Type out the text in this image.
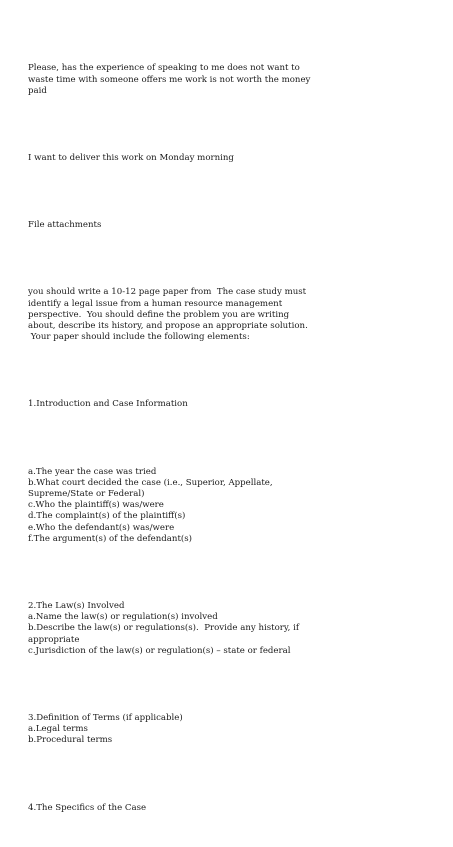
Please, has the experience of speaking to me does not want to
waste time with someone offers me work is not worth the money
paid

I want to deliver this work on Monday morning

File attachments

you should write a 10-12 page paper from  The case study must
identify a legal issue from a human resource management
perspective.  You should define the problem you are writing
about, describe its history, and propose an appropriate solution.
Your paper should include the following elements:

1.Introduction and Case Information

a.The year the case was tried
b.What court decided the case (i.e., Superior, Appellate,
Supreme/State or Federal)
c.Who the plaintiff(s) was/were
d.The complaint(s) of the plaintiff(s)
e.Who the defendant(s) was/were
f.The argument(s) of the defendant(s)

2.The Law(s) Involved
a.Name the law(s) or regulation(s) involved
b.Describe the law(s) or regulations(s).  Provide any history, if
appropriate
c.Jurisdiction of the law(s) or regulation(s) – state or federal

3.Definition of Terms (if applicable)
a.Legal terms
b.Procedural terms

4.The Specifics of the Case
